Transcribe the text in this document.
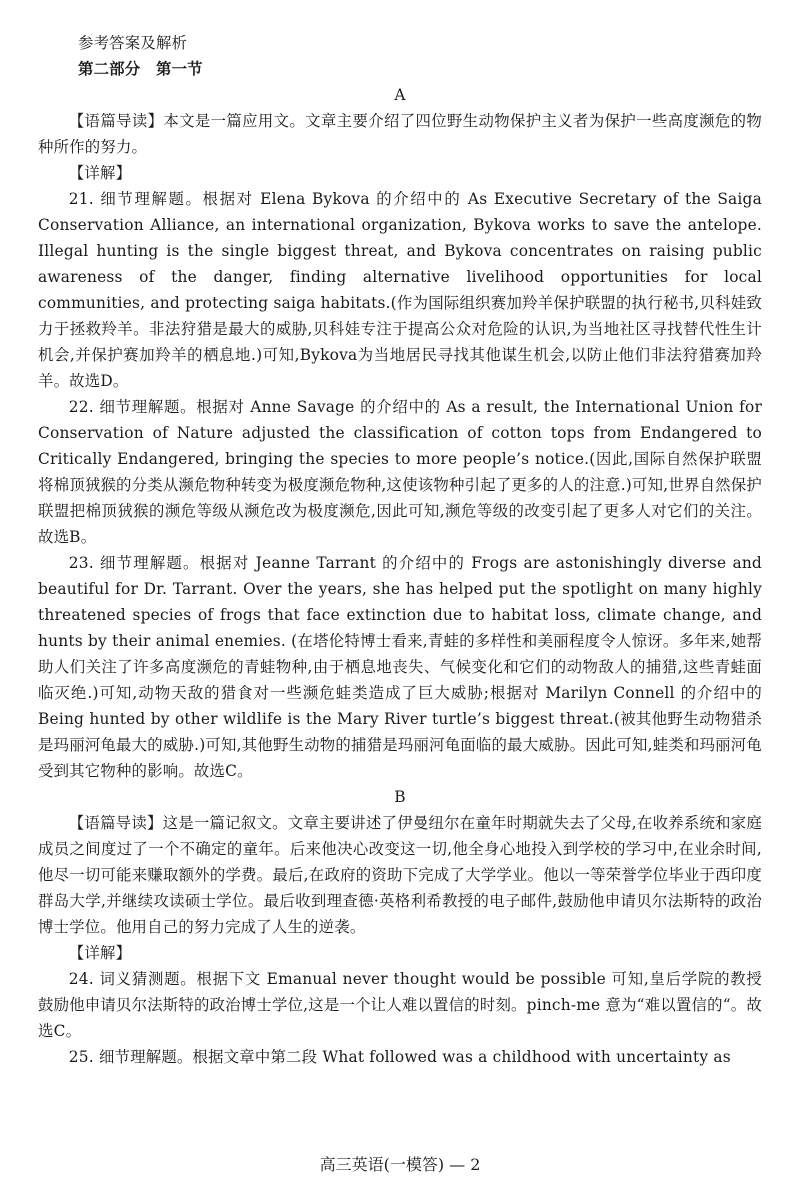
参考答案及解析
第二部分　第一节
A

【语篇导读】本文是一篇应用文。文章主要介绍了四位野生动物保护主义者为保护一些高度濒危的物种所作的努力。

【详解】

21. 细节理解题。根据对 Elena Bykova 的介绍中的 As Executive Secretary of the Saiga Conservation Alliance, an international organization, Bykova works to save the antelope. Illegal hunting is the single biggest threat, and Bykova concentrates on raising public awareness of the danger, finding alternative livelihood opportunities for local communities, and protecting saiga habitats.(作为国际组织赛加羚羊保护联盟的执行秘书,贝科娃致力于拯救羚羊。非法狩猎是最大的威胁,贝科娃专注于提高公众对危险的认识,为当地社区寻找替代性生计机会,并保护赛加羚羊的栖息地.)可知,Bykova为当地居民寻找其他谋生机会,以防止他们非法狩猎赛加羚羊。故选D。

22. 细节理解题。根据对 Anne Savage 的介绍中的 As a result, the International Union for Conservation of Nature adjusted the classification of cotton tops from Endangered to Critically Endangered, bringing the species to more people’s notice.(因此,国际自然保护联盟将棉顶狨猴的分类从濒危物种转变为极度濒危物种,这使该物种引起了更多的人的注意.)可知,世界自然保护联盟把棉顶狨猴的濒危等级从濒危改为极度濒危,因此可知,濒危等级的改变引起了更多人对它们的关注。故选B。

23. 细节理解题。根据对 Jeanne Tarrant 的介绍中的 Frogs are astonishingly diverse and beautiful for Dr. Tarrant. Over the years, she has helped put the spotlight on many highly threatened species of frogs that face extinction due to habitat loss, climate change, and hunts by their animal enemies. (在塔伦特博士看来,青蛙的多样性和美丽程度令人惊讶。多年来,她帮助人们关注了许多高度濒危的青蛙物种,由于栖息地丧失、气候变化和它们的动物敌人的捕猎,这些青蛙面临灭绝.)可知,动物天敌的猎食对一些濒危蛙类造成了巨大威胁;根据对 Marilyn Connell 的介绍中的 Being hunted by other wildlife is the Mary River turtle’s biggest threat.(被其他野生动物猎杀是玛丽河龟最大的威胁.)可知,其他野生动物的捕猎是玛丽河龟面临的最大威胁。因此可知,蛙类和玛丽河龟受到其它物种的影响。故选C。

B

【语篇导读】这是一篇记叙文。文章主要讲述了伊曼纽尔在童年时期就失去了父母,在收养系统和家庭成员之间度过了一个不确定的童年。后来他决心改变这一切,他全身心地投入到学校的学习中,在业余时间,他尽一切可能来赚取额外的学费。最后,在政府的资助下完成了大学学业。他以一等荣誉学位毕业于西印度群岛大学,并继续攻读硕士学位。最后收到理查德·英格利希教授的电子邮件,鼓励他申请贝尔法斯特的政治博士学位。他用自己的努力完成了人生的逆袭。

【详解】

24. 词义猜测题。根据下文 Emanual never thought would be possible 可知,皇后学院的教授鼓励他申请贝尔法斯特的政治博士学位,这是一个让人难以置信的时刻。pinch-me 意为“难以置信的“。故选C。

25. 细节理解题。根据文章中第二段 What followed was a childhood with uncertainty as

高三英语(一模答) — 2
